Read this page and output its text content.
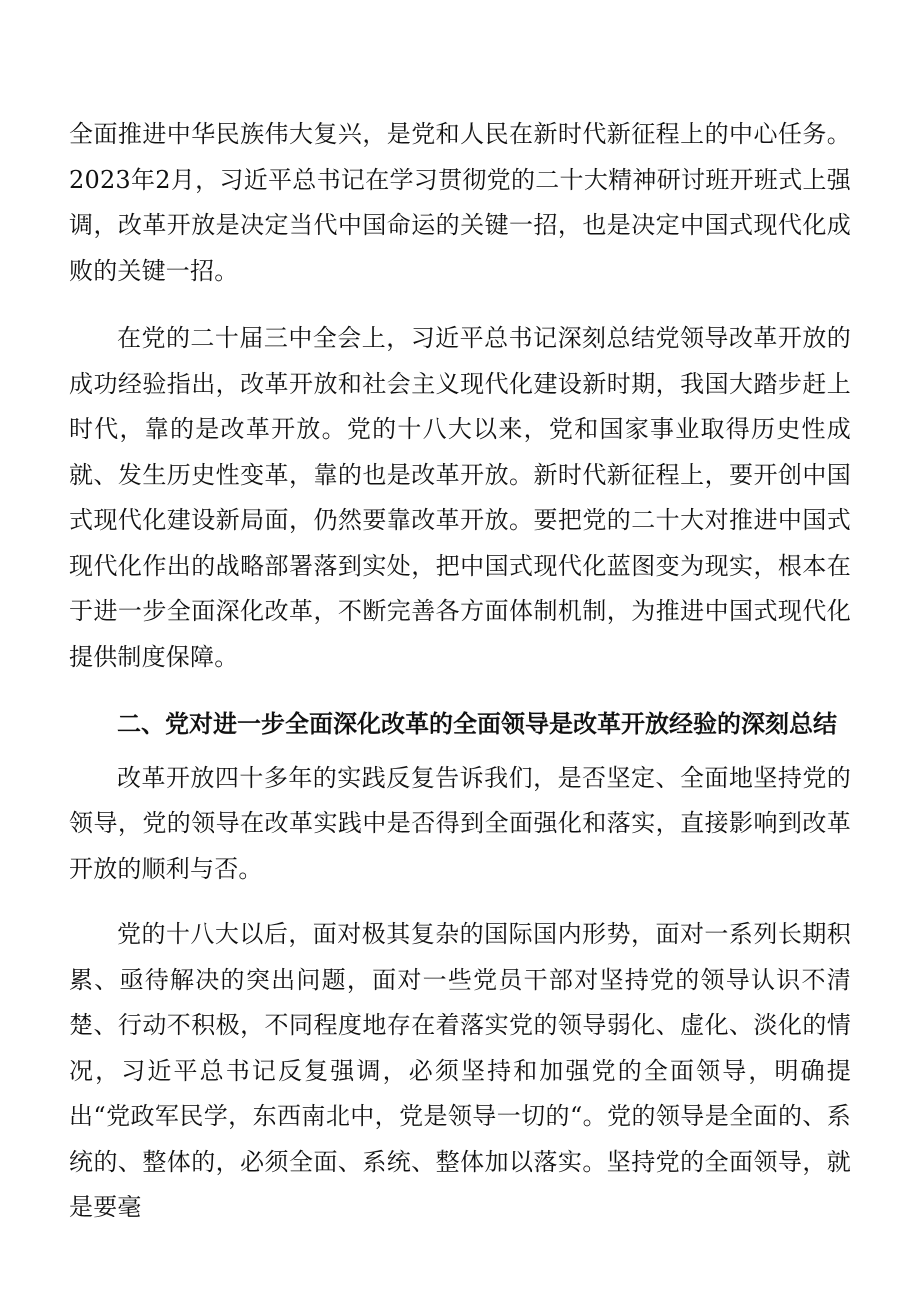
全面推进中华民族伟大复兴，是党和人民在新时代新征程上的中心任务。2023年2月，习近平总书记在学习贯彻党的二十大精神研讨班开班式上强调，改革开放是决定当代中国命运的关键一招，也是决定中国式现代化成败的关键一招。

在党的二十届三中全会上，习近平总书记深刻总结党领导改革开放的成功经验指出，改革开放和社会主义现代化建设新时期，我国大踏步赶上时代，靠的是改革开放。党的十八大以来，党和国家事业取得历史性成就、发生历史性变革，靠的也是改革开放。新时代新征程上，要开创中国式现代化建设新局面，仍然要靠改革开放。要把党的二十大对推进中国式现代化作出的战略部署落到实处，把中国式现代化蓝图变为现实，根本在于进一步全面深化改革，不断完善各方面体制机制，为推进中国式现代化提供制度保障。

二、党对进一步全面深化改革的全面领导是改革开放经验的深刻总结

改革开放四十多年的实践反复告诉我们，是否坚定、全面地坚持党的领导，党的领导在改革实践中是否得到全面强化和落实，直接影响到改革开放的顺利与否。

党的十八大以后，面对极其复杂的国际国内形势，面对一系列长期积累、亟待解决的突出问题，面对一些党员干部对坚持党的领导认识不清楚、行动不积极，不同程度地存在着落实党的领导弱化、虚化、淡化的情况，习近平总书记反复强调，必须坚持和加强党的全面领导，明确提出“党政军民学，东西南北中，党是领导一切的“。党的领导是全面的、系统的、整体的，必须全面、系统、整体加以落实。坚持党的全面领导，就是要毫
